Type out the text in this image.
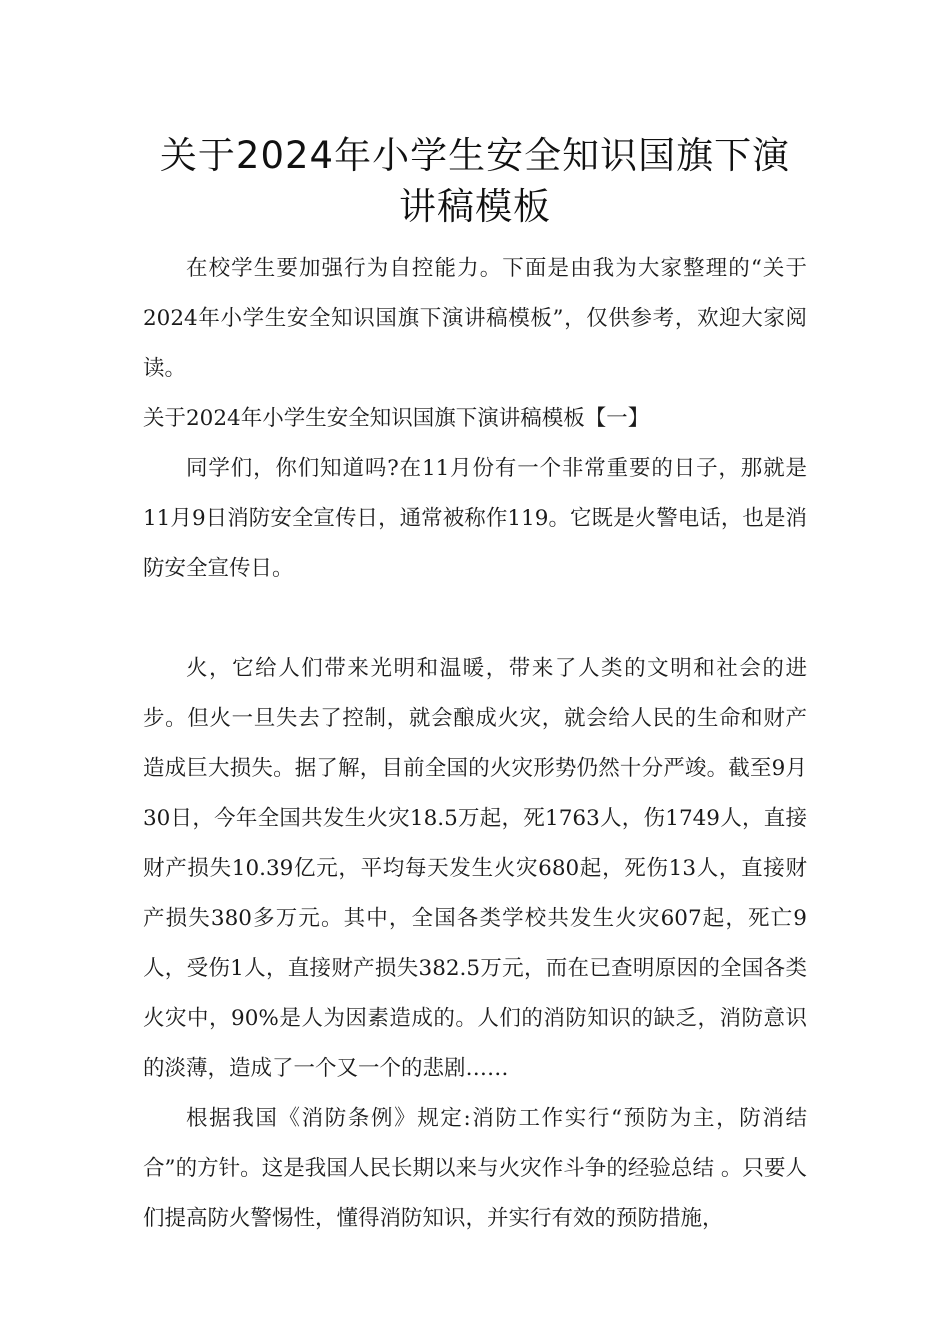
关于2024年小学生安全知识国旗下演讲稿模板

在校学生要加强行为自控能力。下面是由我为大家整理的“关于2024年小学生安全知识国旗下演讲稿模板”，仅供参考，欢迎大家阅读。

关于2024年小学生安全知识国旗下演讲稿模板【一】

同学们，你们知道吗?在11月份有一个非常重要的日子，那就是11月9日消防安全宣传日，通常被称作119。它既是火警电话，也是消防安全宣传日。

火，它给人们带来光明和温暖，带来了人类的文明和社会的进步。但火一旦失去了控制，就会酿成火灾，就会给人民的生命和财产造成巨大损失。据了解，目前全国的火灾形势仍然十分严竣。截至9月30日，今年全国共发生火灾18.5万起，死1763人，伤1749人，直接财产损失10.39亿元，平均每天发生火灾680起，死伤13人，直接财产损失380多万元。其中，全国各类学校共发生火灾607起，死亡9人，受伤1人，直接财产损失382.5万元，而在已查明原因的全国各类火灾中，90%是人为因素造成的。人们的消防知识的缺乏，消防意识的淡薄，造成了一个又一个的悲剧……

根据我国《消防条例》规定:消防工作实行“预防为主，防消结合”的方针。这是我国人民长期以来与火灾作斗争的经验总结 。只要人们提高防火警惕性，懂得消防知识，并实行有效的预防措施，
